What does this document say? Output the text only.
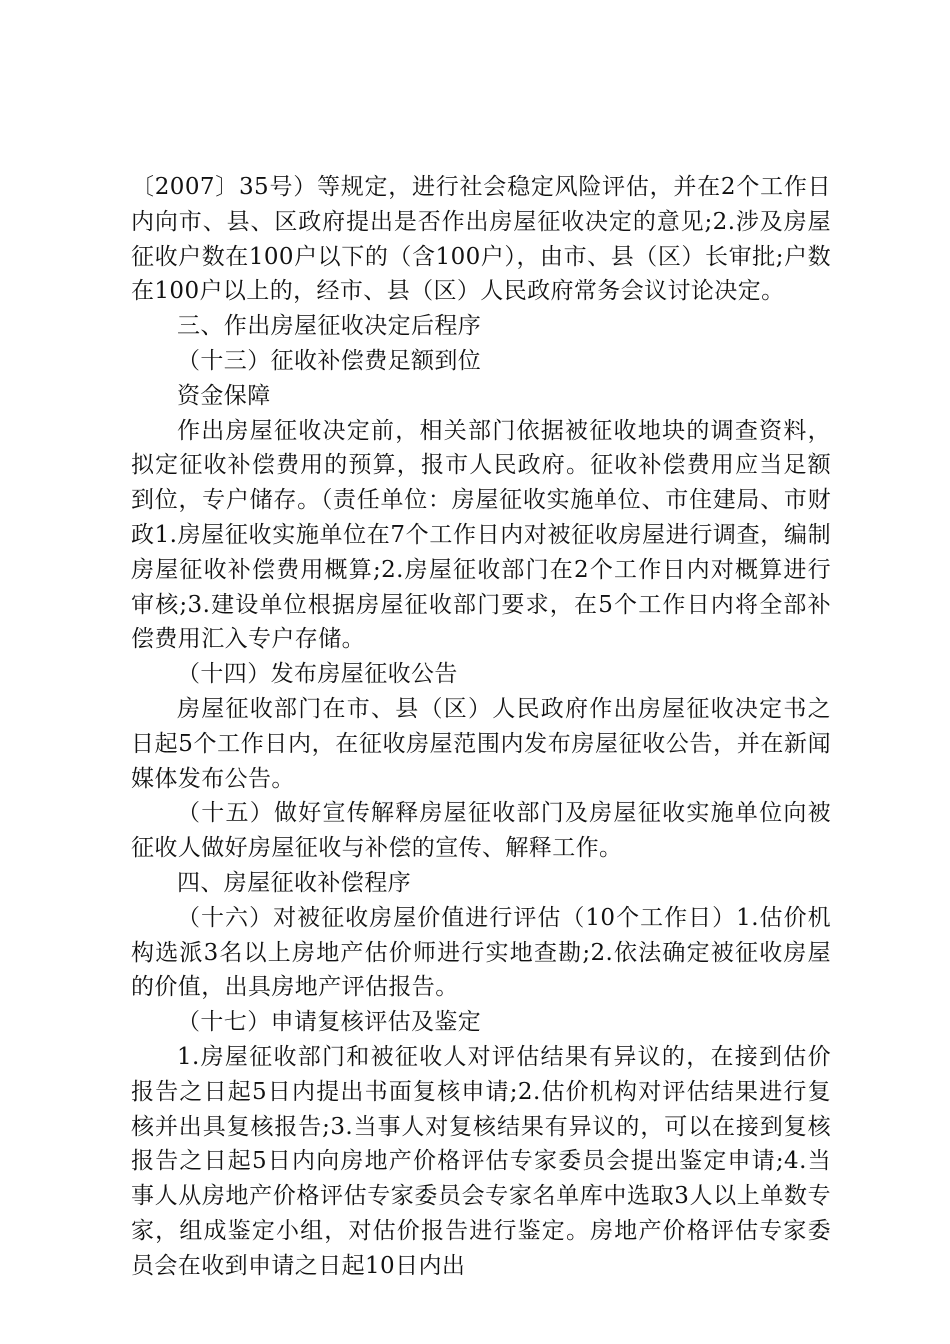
〔2007〕35号）等规定，进行社会稳定风险评估，并在2个工作日内向市、县、区政府提出是否作出房屋征收决定的意见;2.涉及房屋征收户数在100户以下的（含100户），由市、县（区）长审批;户数在100户以上的，经市、县（区）人民政府常务会议讨论决定。

三、作出房屋征收决定后程序

（十三）征收补偿费足额到位

资金保障

作出房屋征收决定前，相关部门依据被征收地块的调查资料，拟定征收补偿费用的预算，报市人民政府。征收补偿费用应当足额到位，专户储存。（责任单位：房屋征收实施单位、市住建局、市财政1.房屋征收实施单位在7个工作日内对被征收房屋进行调查，编制房屋征收补偿费用概算;2.房屋征收部门在2个工作日内对概算进行审核;3.建设单位根据房屋征收部门要求，在5个工作日内将全部补偿费用汇入专户存储。

（十四）发布房屋征收公告

房屋征收部门在市、县（区）人民政府作出房屋征收决定书之日起5个工作日内，在征收房屋范围内发布房屋征收公告，并在新闻媒体发布公告。

（十五）做好宣传解释房屋征收部门及房屋征收实施单位向被征收人做好房屋征收与补偿的宣传、解释工作。

四、房屋征收补偿程序

（十六）对被征收房屋价值进行评估（10个工作日）1.估价机构选派3名以上房地产估价师进行实地查勘;2.依法确定被征收房屋的价值，出具房地产评估报告。

（十七）申请复核评估及鉴定

1.房屋征收部门和被征收人对评估结果有异议的，在接到估价报告之日起5日内提出书面复核申请;2.估价机构对评估结果进行复核并出具复核报告;3.当事人对复核结果有异议的，可以在接到复核报告之日起5日内向房地产价格评估专家委员会提出鉴定申请;4.当事人从房地产价格评估专家委员会专家名单库中选取3人以上单数专家，组成鉴定小组，对估价报告进行鉴定。房地产价格评估专家委员会在收到申请之日起10日内出
